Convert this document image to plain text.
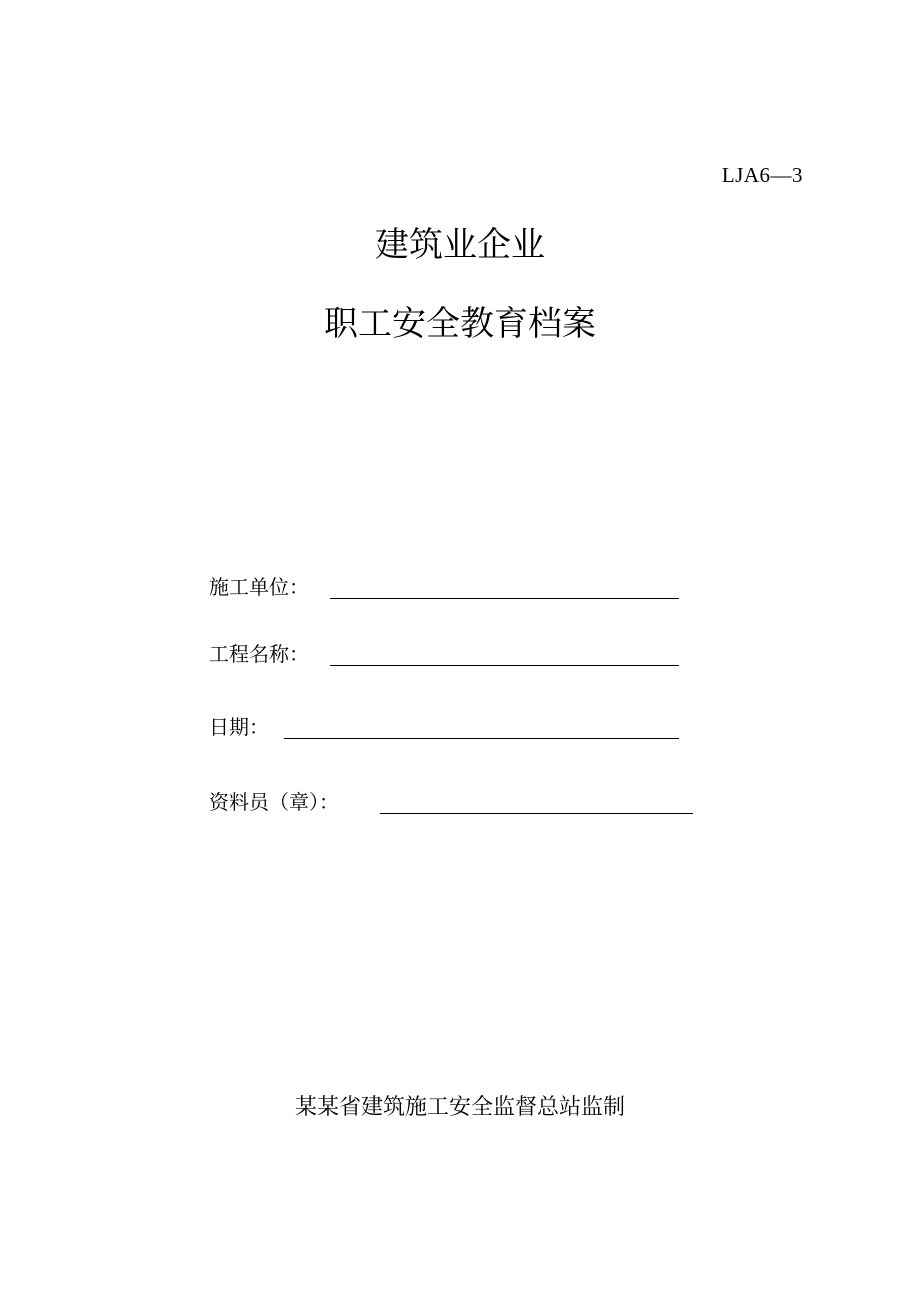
LJA6—3
建筑业企业
职工安全教育档案
施工单位：
工程名称：
日期：
资料员（章）：
某某省建筑施工安全监督总站监制
